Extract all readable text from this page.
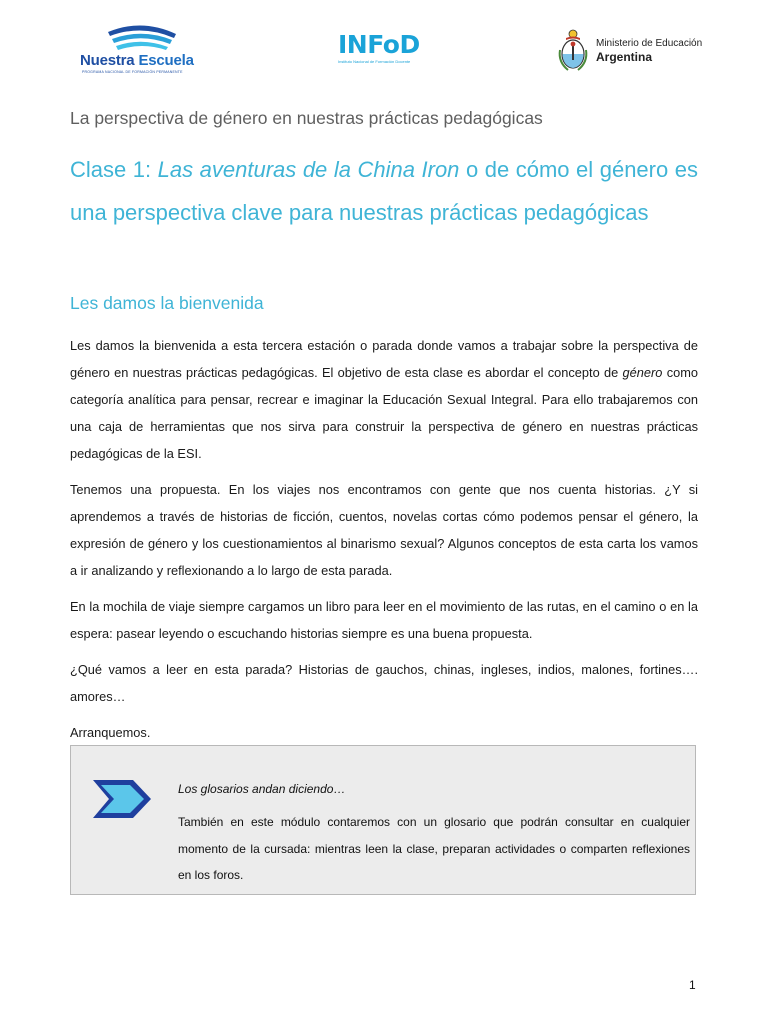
Nuestra Escuela
PROGRAMA NACIONAL DE FORMACIÓN PERMANENTE
INFoD
Instituto Nacional de Formación Docente
Ministerio de Educación
Argentina
La perspectiva de género en nuestras prácticas pedagógicas
Clase 1: Las aventuras de la China Iron o de cómo el género es una perspectiva clave para nuestras prácticas pedagógicas
Les damos la bienvenida

Les damos la bienvenida a esta tercera estación o parada donde vamos a trabajar sobre la perspectiva de género en nuestras prácticas pedagógicas. El objetivo de esta clase es abordar el concepto de género como categoría analítica para pensar, recrear e imaginar la Educación Sexual Integral. Para ello trabajaremos con una caja de herramientas que nos sirva para construir la perspectiva de género en nuestras prácticas pedagógicas de la ESI.

Tenemos una propuesta. En los viajes nos encontramos con gente que nos cuenta historias. ¿Y si aprendemos a través de historias de ficción, cuentos, novelas cortas cómo podemos pensar el género, la expresión de género y los cuestionamientos al binarismo sexual? Algunos conceptos de esta carta los vamos a ir analizando y reflexionando a lo largo de esta parada.

En la mochila de viaje siempre cargamos un libro para leer en el movimiento de las rutas, en el camino o en la espera: pasear leyendo o escuchando historias siempre es una buena propuesta.

¿Qué vamos a leer en esta parada? Historias de gauchos, chinas, ingleses, indios, malones, fortines…. amores…

Arranquemos.

Los glosarios andan diciendo…

También en este módulo contaremos con un glosario que podrán consultar en cualquier momento de la cursada: mientras leen la clase, preparan actividades o comparten reflexiones en los foros.

1
